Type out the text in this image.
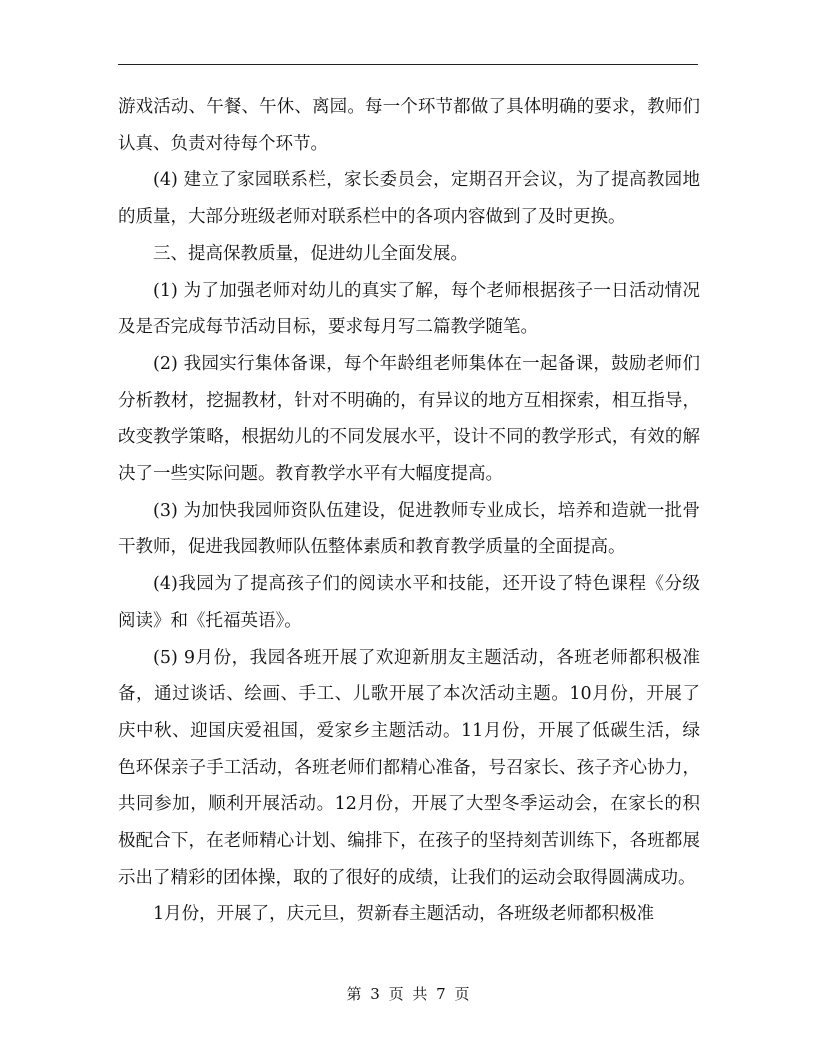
游戏活动、午餐、午休、离园。每一个环节都做了具体明确的要求，教师们认真、负责对待每个环节。

(4) 建立了家园联系栏，家长委员会，定期召开会议，为了提高教园地的质量，大部分班级老师对联系栏中的各项内容做到了及时更换。

三、提高保教质量，促进幼儿全面发展。

(1) 为了加强老师对幼儿的真实了解，每个老师根据孩子一日活动情况及是否完成每节活动目标，要求每月写二篇教学随笔。

(2) 我园实行集体备课，每个年龄组老师集体在一起备课，鼓励老师们分析教材，挖掘教材，针对不明确的，有异议的地方互相探索，相互指导，改变教学策略，根据幼儿的不同发展水平，设计不同的教学形式，有效的解决了一些实际问题。教育教学水平有大幅度提高。

(3) 为加快我园师资队伍建设，促进教师专业成长，培养和造就一批骨干教师，促进我园教师队伍整体素质和教育教学质量的全面提高。

(4)我园为了提高孩子们的阅读水平和技能，还开设了特色课程《分级阅读》和《托福英语》。

(5) 9月份，我园各班开展了欢迎新朋友主题活动，各班老师都积极准备，通过谈话、绘画、手工、儿歌开展了本次活动主题。10月份，开展了庆中秋、迎国庆爱祖国，爱家乡主题活动。11月份，开展了低碳生活，绿色环保亲子手工活动，各班老师们都精心准备，号召家长、孩子齐心协力，共同参加，顺利开展活动。12月份，开展了大型冬季运动会，在家长的积极配合下，在老师精心计划、编排下，在孩子的坚持刻苦训练下，各班都展示出了精彩的团体操，取的了很好的成绩，让我们的运动会取得圆满成功。

1月份，开展了，庆元旦，贺新春主题活动，各班级老师都积极准

第 3 页 共 7 页
